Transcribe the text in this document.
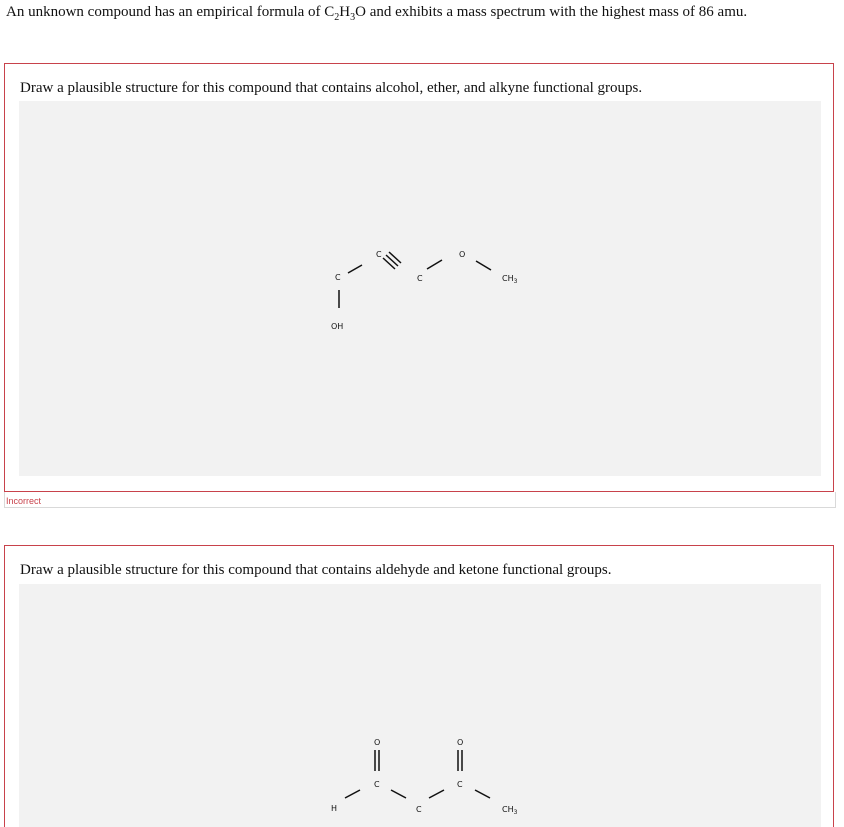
An unknown compound has an empirical formula of $C_2H_3O$ and exhibits a mass spectrum with the highest mass of 86 amu.
Draw a plausible structure for this compound that contains alcohol, ether, and alkyne functional groups.
C
C
C
O
$CH_3$
OH
Incorrect
Draw a plausible structure for this compound that contains aldehyde and ketone functional groups.
H
C
O
C
C
O
$CH_3$
